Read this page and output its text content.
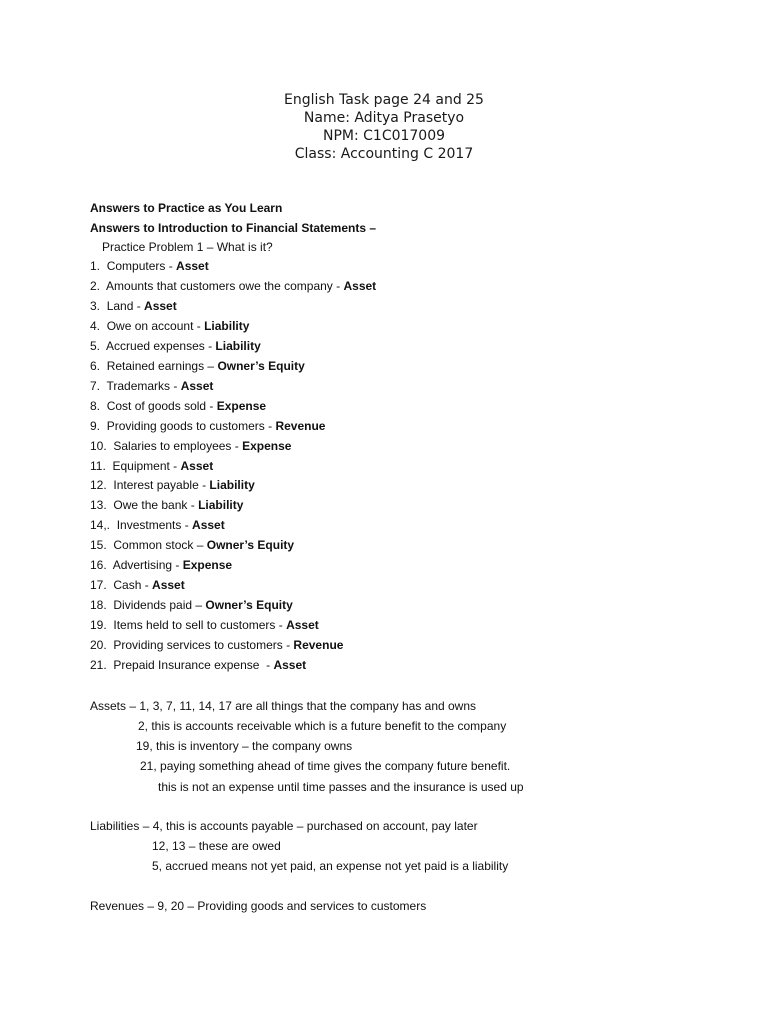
English Task page 24 and 25
Name: Aditya Prasetyo
NPM: C1C017009
Class: Accounting C 2017
Answers to Practice as You Learn
Answers to Introduction to Financial Statements –
Practice Problem 1 – What is it?
1. Computers - Asset
2. Amounts that customers owe the company - Asset
3. Land - Asset
4. Owe on account - Liability
5. Accrued expenses - Liability
6. Retained earnings – Owner’s Equity
7. Trademarks - Asset
8. Cost of goods sold - Expense
9. Providing goods to customers - Revenue
10. Salaries to employees - Expense
11. Equipment - Asset
12. Interest payable - Liability
13. Owe the bank - Liability
14,. Investments - Asset
15. Common stock – Owner’s Equity
16. Advertising - Expense
17. Cash - Asset
18. Dividends paid – Owner’s Equity
19. Items held to sell to customers - Asset
20. Providing services to customers - Revenue
21. Prepaid Insurance expense  - Asset
Assets – 1, 3, 7, 11, 14, 17 are all things that the company has and owns
2, this is accounts receivable which is a future benefit to the company
19, this is inventory – the company owns
21, paying something ahead of time gives the company future benefit.
this is not an expense until time passes and the insurance is used up
Liabilities – 4, this is accounts payable – purchased on account, pay later
12, 13 – these are owed
5, accrued means not yet paid, an expense not yet paid is a liability
Revenues – 9, 20 – Providing goods and services to customers
